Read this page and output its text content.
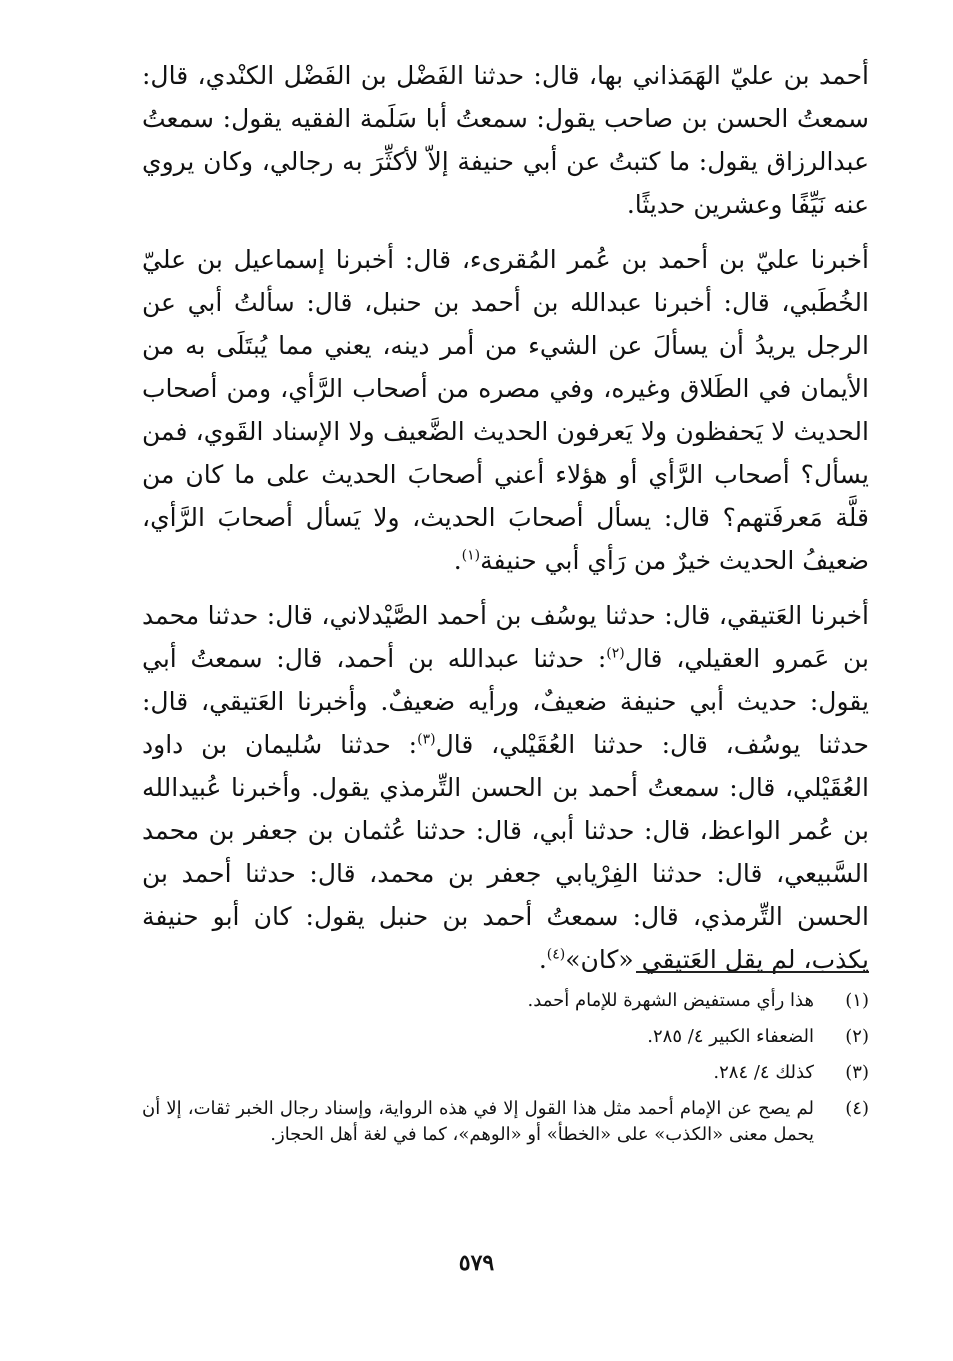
أحمد بن عليّ الهَمَذاني بها، قال: حدثنا الفَضْل بن الفَضْل الكنْدي، قال: سمعتُ الحسن بن صاحب يقول: سمعتُ أبا سَلَمة الفقيه يقول: سمعتُ عبدالرزاق يقول: ما كتبتُ عن أبي حنيفة إلاّ لأكثِّرَ به رجالي، وكان يروي عنه نَيِّفًا وعشرين حديثًا.

أخبرنا عليّ بن أحمد بن عُمر المُقرىء، قال: أخبرنا إسماعيل بن عليّ الخُطَبي، قال: أخبرنا عبدالله بن أحمد بن حنبل، قال: سألتُ أبي عن الرجل يريدُ أن يسألَ عن الشيء من أمر دينه، يعني مما يُبتَلَى به من الأيمان في الطَلاق وغيره، وفي مصره من أصحاب الرَّأي، ومن أصحاب الحديث لا يَحفظون ولا يَعرفون الحديث الضَّعيف ولا الإسناد القَوي، فمن يسأل؟ أصحاب الرَّأي أو هؤلاء أعني أصحابَ الحديث على ما كان من قلَّة مَعرفَتهم؟ قال: يسأل أصحابَ الحديث، ولا يَسأل أصحابَ الرَّأي، ضعيفُ الحديث خيرٌ من رَأي أبي حنيفة$^{(١)}$.

أخبرنا العَتيقي، قال: حدثنا يوسُف بن أحمد الصَّيْدلاني، قال: حدثنا محمد بن عَمرو العقيلي، قال$^{(٢)}$: حدثنا عبدالله بن أحمد، قال: سمعتُ أبي يقول: حديث أبي حنيفة ضعيفٌ، ورأيه ضعيفٌ. وأخبرنا العَتيقي، قال: حدثنا يوسُف، قال: حدثنا العُقَيْلي، قال$^{(٣)}$: حدثنا سُليمان بن داود العُقَيْلي، قال: سمعتُ أحمد بن الحسن التِّرمذي يقول. وأخبرنا عُبيدالله بن عُمر الواعظ، قال: حدثنا أبي، قال: حدثنا عُثمان بن جعفر بن محمد السَّبيعي، قال: حدثنا الفِرْيابي جعفر بن محمد، قال: حدثنا أحمد بن الحسن التِّرمذي، قال: سمعتُ أحمد بن حنبل يقول: كان أبو حنيفة يكذب، لم يقل العَتيقي «كان»$^{(٤)}$.

(١)
هذا رأي مستفيض الشهرة للإمام أحمد.
(٢)
الضعفاء الكبير ٤/ ٢٨٥.
(٣)
كذلك ٤/ ٢٨٤.
(٤)
لم يصح عن الإمام أحمد مثل هذا القول إلا في هذه الرواية، وإسناد رجال الخبر ثقات، إلا أن يحمل معنى «الكذب» على «الخطأ» أو «الوهم»، كما في لغة أهل الحجاز.
٥٧٩
